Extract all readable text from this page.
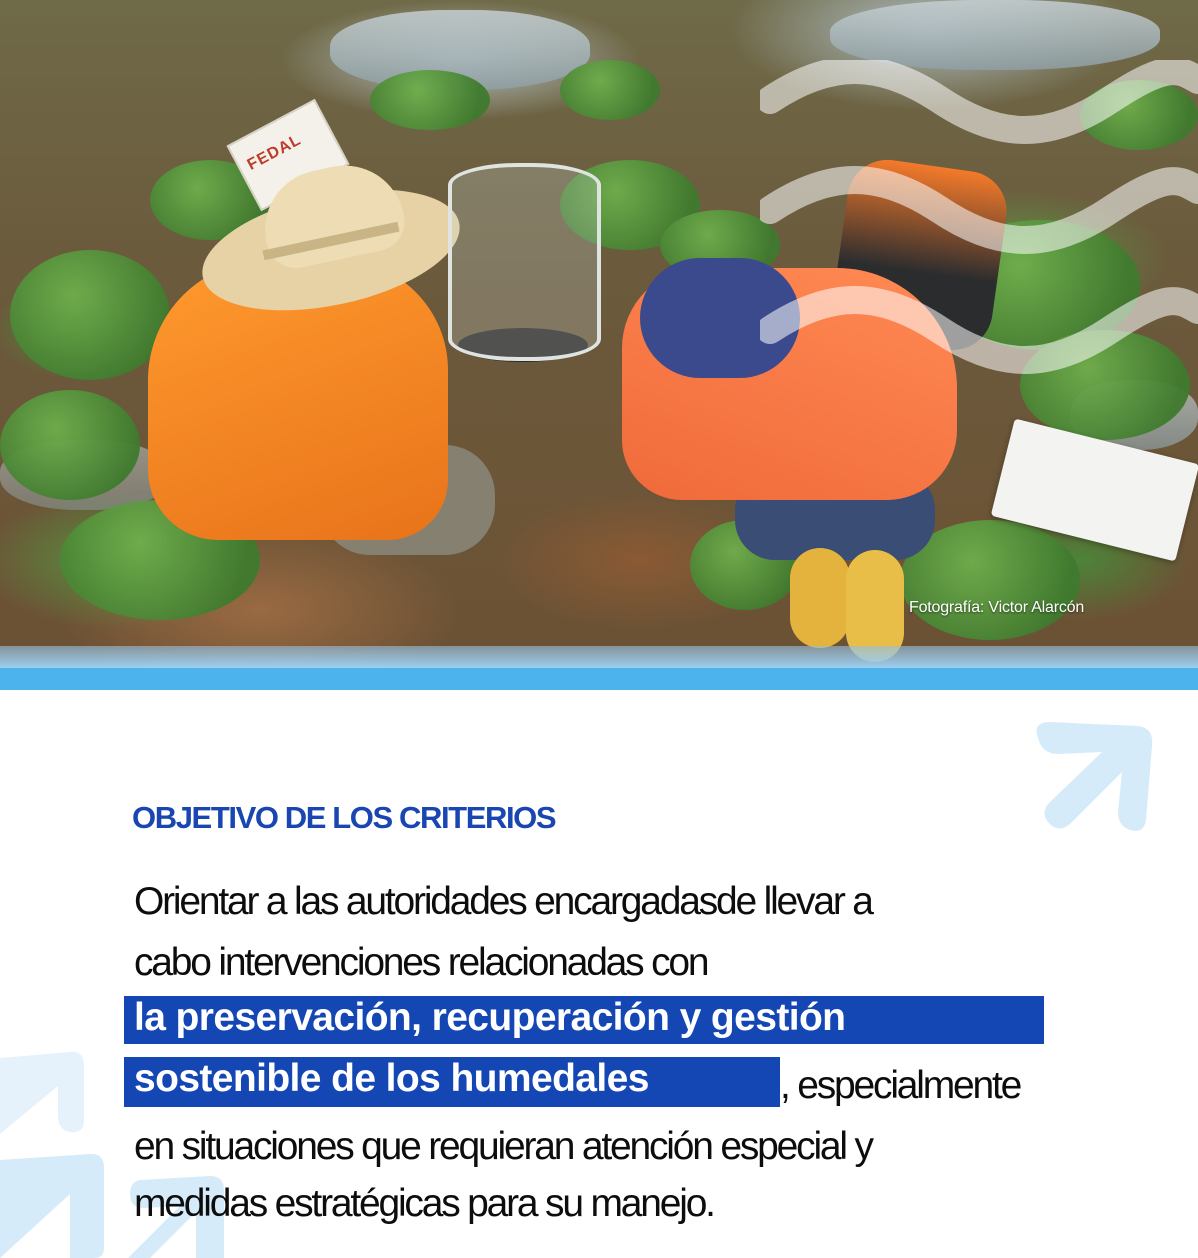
FEDAL
Fotografía: Victor Alarcón
OBJETIVO DE LOS CRITERIOS
Orientar a las autoridades encargadasde llevar a
cabo intervenciones relacionadas con
la preservación, recuperación y gestión
sostenible de los humedales	, especialmente
en situaciones que requieran atención especial y
medidas estratégicas para su manejo.
